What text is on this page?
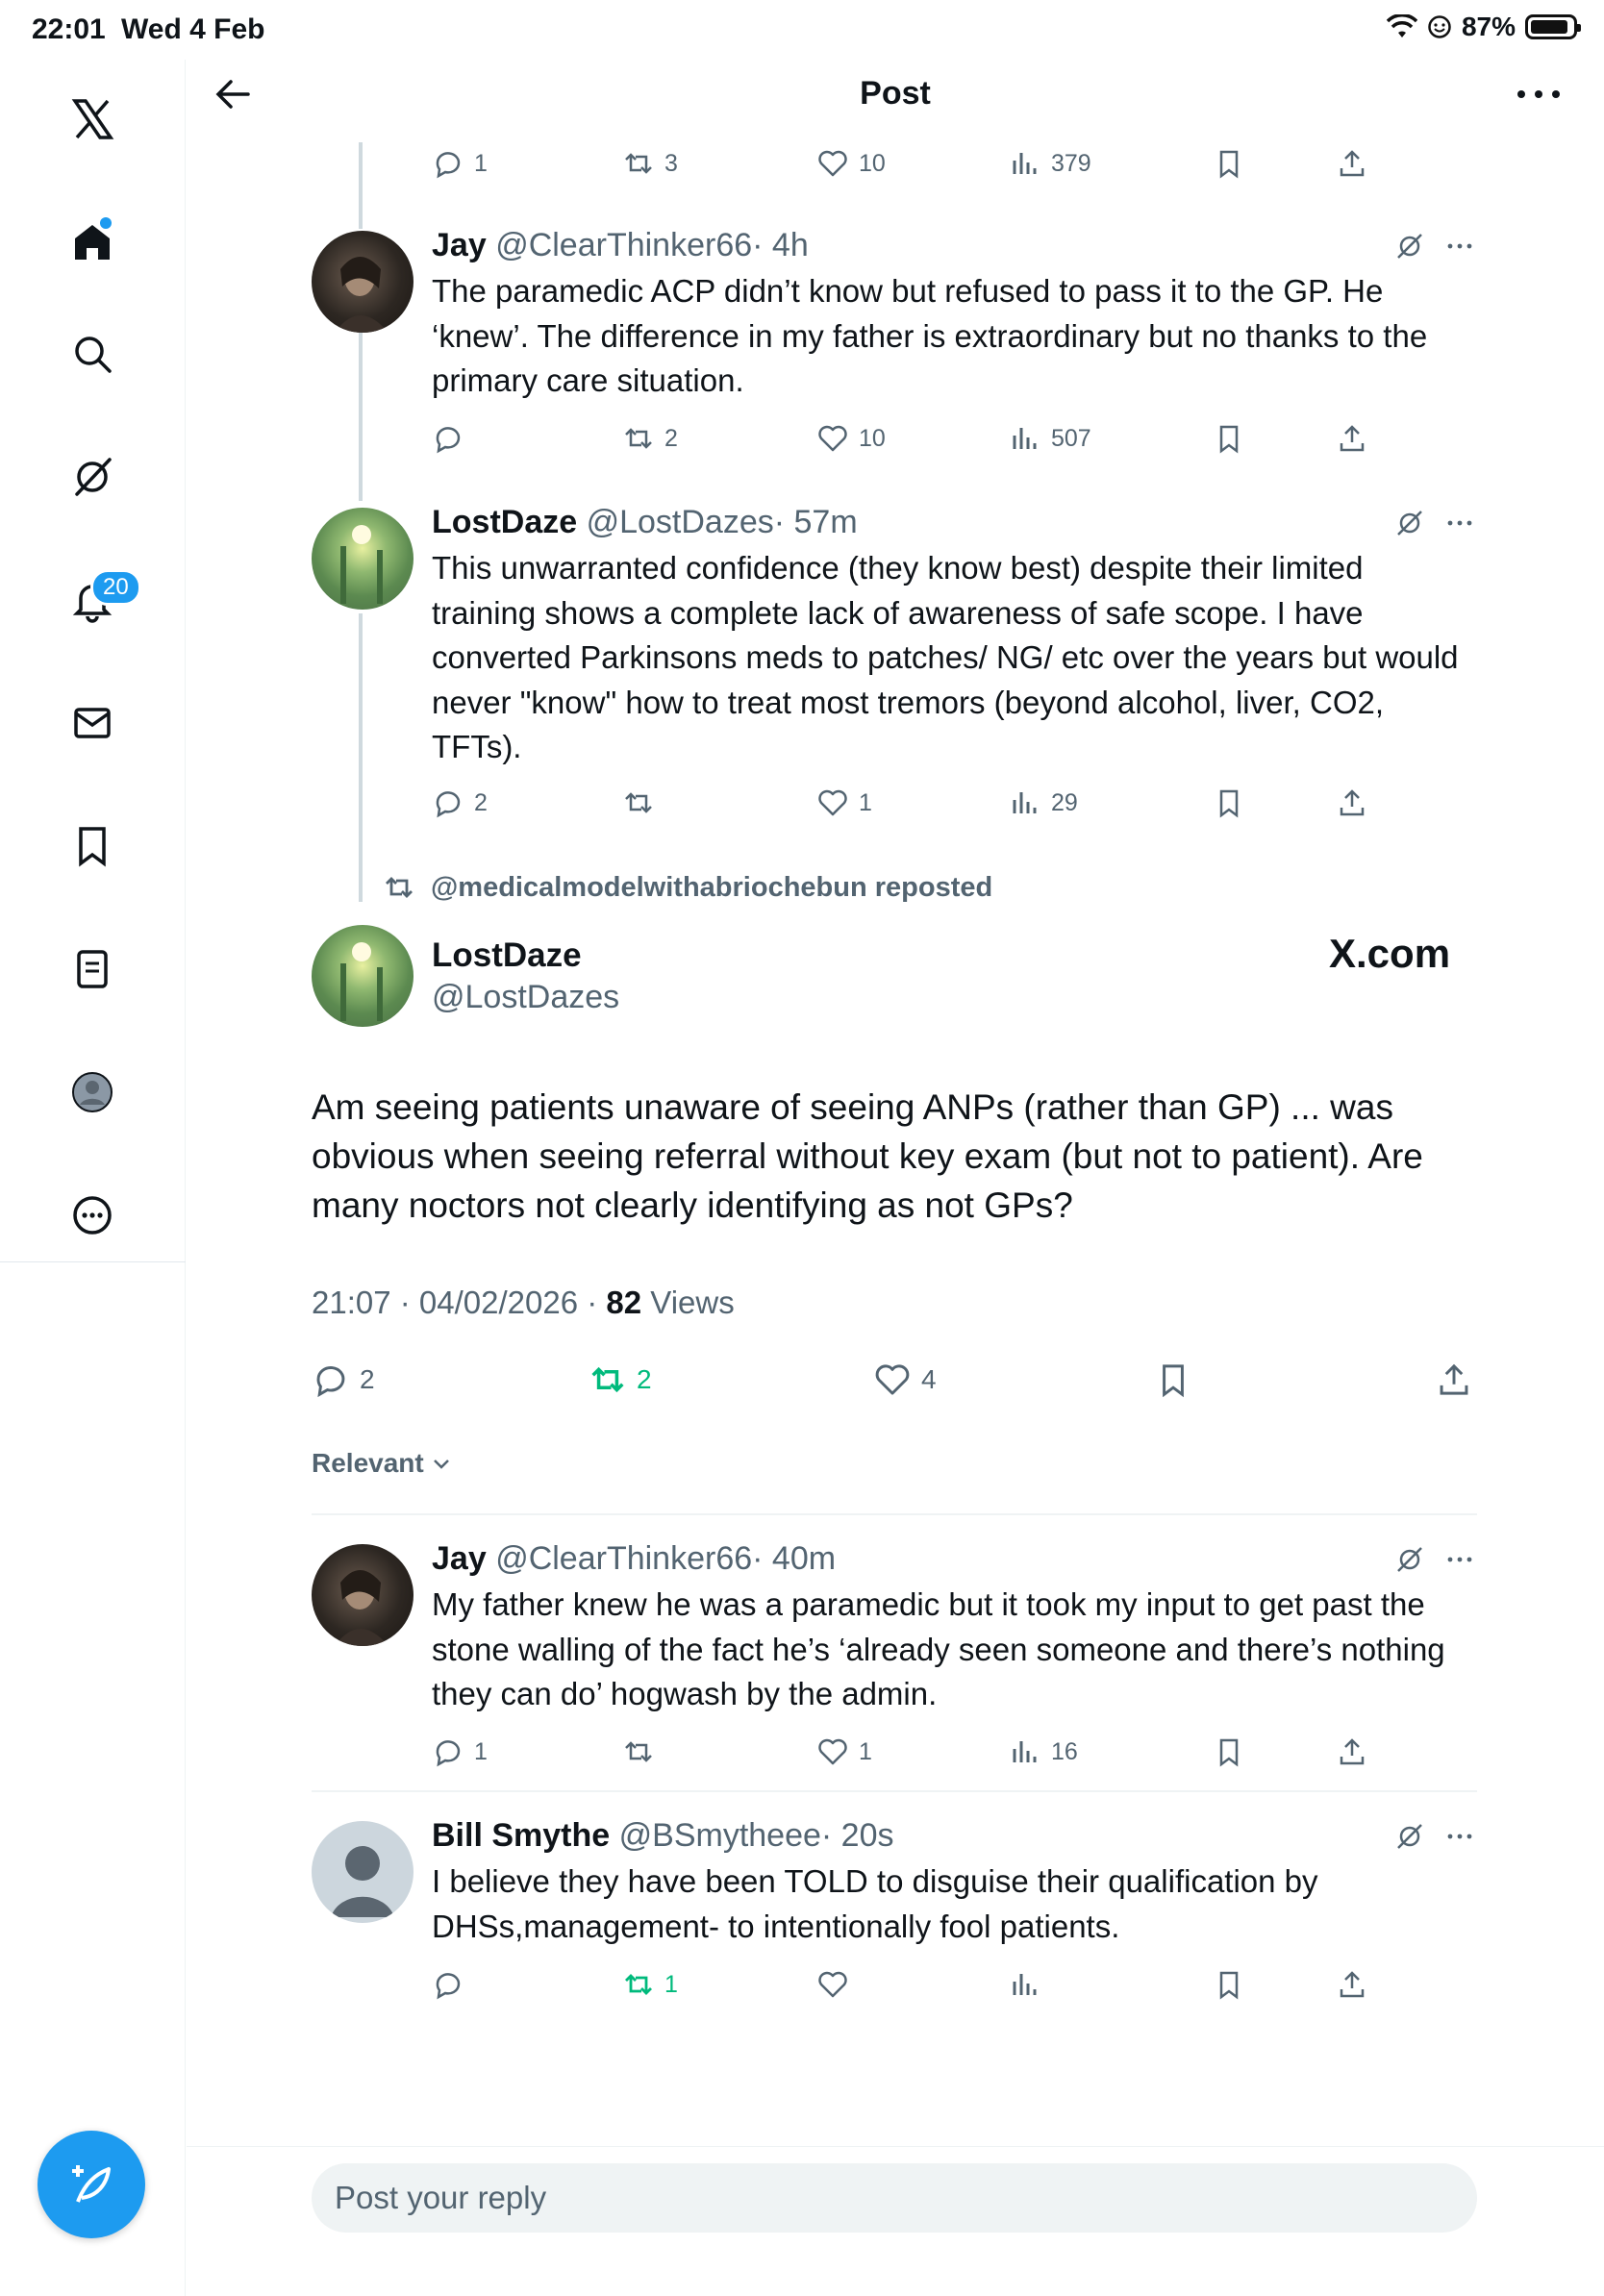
22:01 Wed 4 Feb	87%
20
Post
1	3	10	379
Jay @ClearThinker66· 4h
The paramedic ACP didn’t know but refused to pass it to the GP. He ‘knew’. The difference in my father is extraordinary but no thanks to the primary care situation.
2	10	507
LostDaze @LostDazes· 57m
This unwarranted confidence (they know best) despite their limited training shows a complete lack of awareness of safe scope. I have converted Parkinsons meds to patches/ NG/ etc over the years but would never "know" how to treat most tremors (beyond alcohol, liver, CO2, TFTs).
2	1	29
@medicalmodelwithabriochebun reposted
LostDaze
@LostDazes
X.com
Am seeing patients unaware of seeing ANPs (rather than GP) ... was obvious when seeing referral without key exam (but not to patient). Are many noctors not clearly identifying as not GPs?
21:07 · 04/02/2026 · 82 Views
2	2	4
Relevant
Jay @ClearThinker66· 40m
My father knew he was a paramedic but it took my input to get past the stone walling of the fact he’s ‘already seen someone and there’s nothing they can do’ hogwash by the admin.
1	1	16
Bill Smythe @BSmytheee· 20s
I believe they have been TOLD to disguise their qualification by DHSs,management- to intentionally fool patients.
1
Post your reply
